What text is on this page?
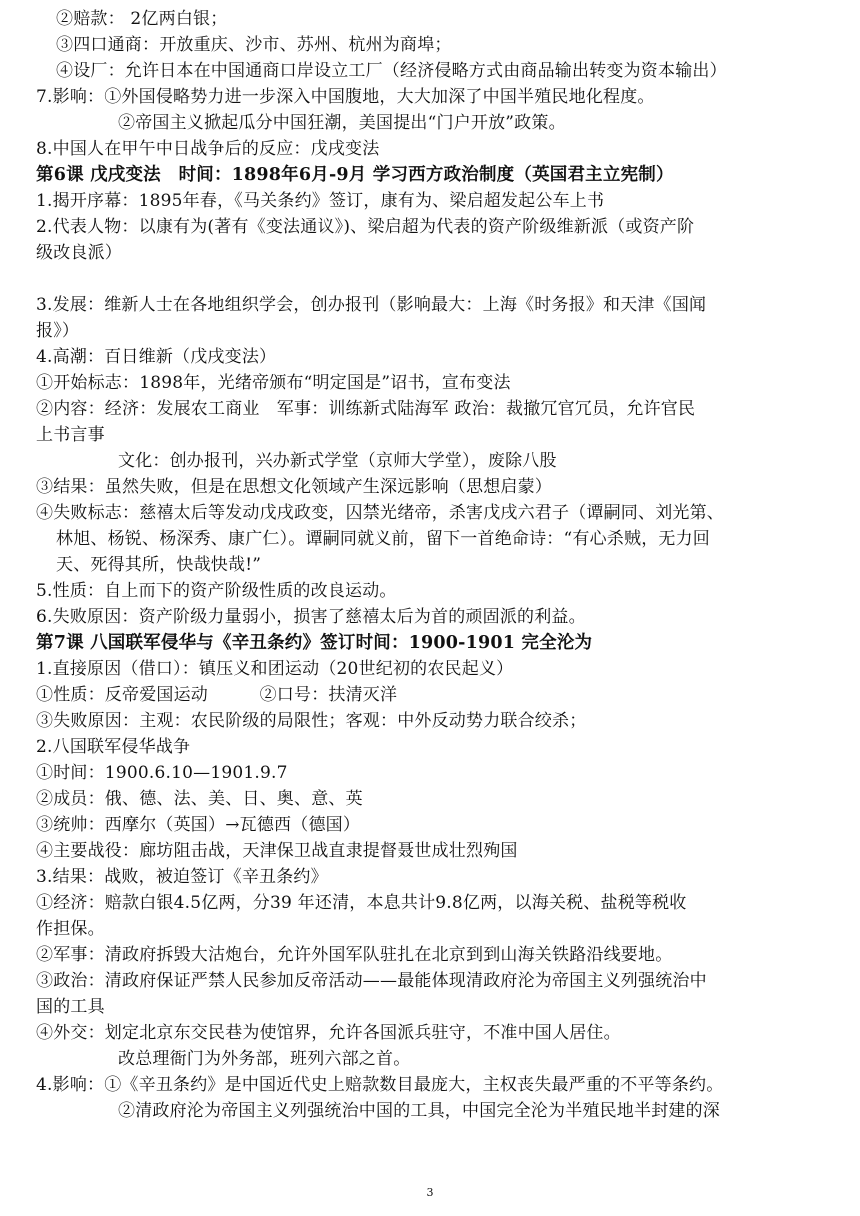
②赔款： 2亿两白银；
③四口通商：开放重庆、沙市、苏州、杭州为商埠；
④设厂：允许日本在中国通商口岸设立工厂（经济侵略方式由商品输出转变为资本输出）
7.影响：①外国侵略势力进一步深入中国腹地，大大加深了中国半殖民地化程度。
②帝国主义掀起瓜分中国狂潮，美国提出“门户开放”政策。
8.中国人在甲午中日战争后的反应：戊戌变法
第6课 戊戌变法　时间：1898年6月-9月 学习西方政治制度（英国君主立宪制）
1.揭开序幕：1895年春，《马关条约》签订，康有为、梁启超发起公车上书
2.代表人物：以康有为(著有《变法通议》)、梁启超为代表的资产阶级维新派（或资产阶
级改良派）
3.发展：维新人士在各地组织学会，创办报刊（影响最大：上海《时务报》和天津《国闻
报》）
4.高潮：百日维新（戊戌变法）
①开始标志：1898年，光绪帝颁布“明定国是”诏书，宣布变法
②内容：经济：发展农工商业　军事：训练新式陆海军 政治：裁撤冗官冗员，允许官民
上书言事
文化：创办报刊，兴办新式学堂（京师大学堂），废除八股
③结果：虽然失败，但是在思想文化领域产生深远影响（思想启蒙）
④失败标志：慈禧太后等发动戊戌政变，囚禁光绪帝，杀害戊戌六君子（谭嗣同、刘光第、
林旭、杨锐、杨深秀、康广仁）。谭嗣同就义前，留下一首绝命诗：“有心杀贼，无力回
天、死得其所，快哉快哉!”
5.性质：自上而下的资产阶级性质的改良运动。
6.失败原因：资产阶级力量弱小，损害了慈禧太后为首的顽固派的利益。
第7课 八国联军侵华与《辛丑条约》签订时间：1900-1901 完全沦为
1.直接原因（借口）：镇压义和团运动（20世纪初的农民起义）
①性质：反帝爱国运动　　　②口号：扶清灭洋
③失败原因：主观：农民阶级的局限性；客观：中外反动势力联合绞杀；
2.八国联军侵华战争
①时间：1900.6.10—1901.9.7
②成员：俄、德、法、美、日、奥、意、英
③统帅：西摩尔（英国）→瓦德西（德国）
④主要战役：廊坊阻击战，天津保卫战直隶提督聂世成壮烈殉国
3.结果：战败，被迫签订《辛丑条约》
①经济：赔款白银4.5亿两，分39 年还清，本息共计9.8亿两，以海关税、盐税等税收
作担保。
②军事：清政府拆毁大沽炮台，允许外国军队驻扎在北京到到山海关铁路沿线要地。
③政治：清政府保证严禁人民参加反帝活动——最能体现清政府沦为帝国主义列强统治中
国的工具
④外交：划定北京东交民巷为使馆界，允许各国派兵驻守，不准中国人居住。
改总理衙门为外务部，班列六部之首。
4.影响：①《辛丑条约》是中国近代史上赔款数目最庞大，主权丧失最严重的不平等条约。
②清政府沦为帝国主义列强统治中国的工具，中国完全沦为半殖民地半封建的深
3
